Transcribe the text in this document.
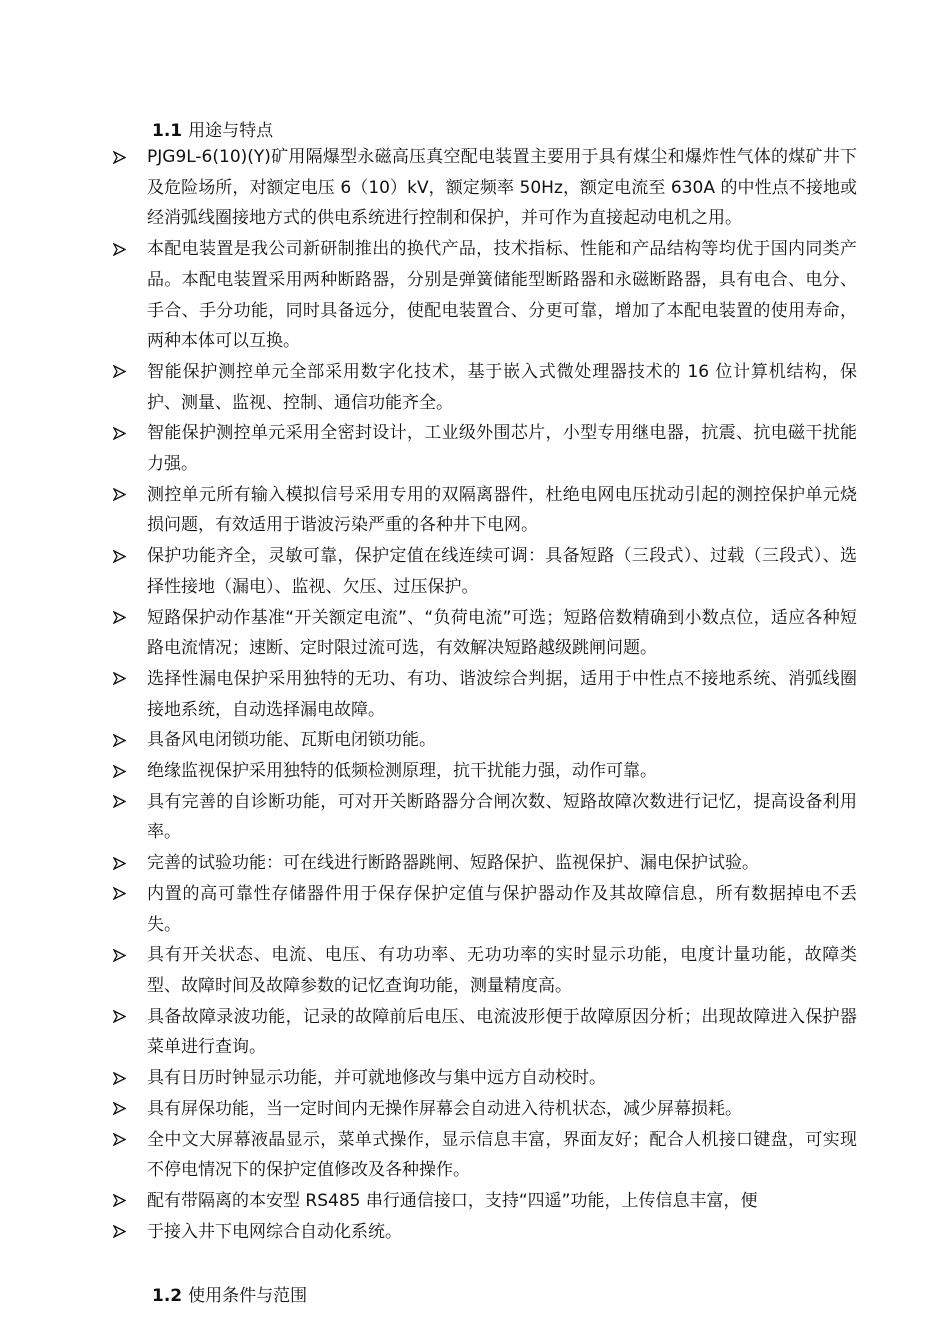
1.1 用途与特点
PJG9L-6(10)(Y)矿用隔爆型永磁高压真空配电装置主要用于具有煤尘和爆炸性气体的煤矿井下及危险场所，对额定电压 6（10）kV，额定频率 50Hz，额定电流至 630A 的中性点不接地或经消弧线圈接地方式的供电系统进行控制和保护，并可作为直接起动电机之用。
本配电装置是我公司新研制推出的换代产品，技术指标、性能和产品结构等均优于国内同类产品。本配电装置采用两种断路器，分别是弹簧储能型断路器和永磁断路器，具有电合、电分、手合、手分功能，同时具备远分，使配电装置合、分更可靠，增加了本配电装置的使用寿命，两种本体可以互换。
智能保护测控单元全部采用数字化技术，基于嵌入式微处理器技术的 16 位计算机结构，保护、测量、监视、控制、通信功能齐全。
智能保护测控单元采用全密封设计，工业级外围芯片，小型专用继电器，抗震、抗电磁干扰能力强。
测控单元所有输入模拟信号采用专用的双隔离器件，杜绝电网电压扰动引起的测控保护单元烧损问题，有效适用于谐波污染严重的各种井下电网。
保护功能齐全，灵敏可靠，保护定值在线连续可调：具备短路（三段式）、过载（三段式）、选择性接地（漏电）、监视、欠压、过压保护。
短路保护动作基准“开关额定电流”、“负荷电流”可选；短路倍数精确到小数点位，适应各种短路电流情况；速断、定时限过流可选，有效解决短路越级跳闸问题。
选择性漏电保护采用独特的无功、有功、谐波综合判据，适用于中性点不接地系统、消弧线圈接地系统，自动选择漏电故障。
具备风电闭锁功能、瓦斯电闭锁功能。
绝缘监视保护采用独特的低频检测原理，抗干扰能力强，动作可靠。
具有完善的自诊断功能，可对开关断路器分合闸次数、短路故障次数进行记忆，提高设备利用率。
完善的试验功能：可在线进行断路器跳闸、短路保护、监视保护、漏电保护试验。
内置的高可靠性存储器件用于保存保护定值与保护器动作及其故障信息，所有数据掉电不丢失。
具有开关状态、电流、电压、有功功率、无功功率的实时显示功能，电度计量功能，故障类型、故障时间及故障参数的记忆查询功能，测量精度高。
具备故障录波功能，记录的故障前后电压、电流波形便于故障原因分析；出现故障进入保护器菜单进行查询。
具有日历时钟显示功能，并可就地修改与集中远方自动校时。
具有屏保功能，当一定时间内无操作屏幕会自动进入待机状态，减少屏幕损耗。
全中文大屏幕液晶显示，菜单式操作，显示信息丰富，界面友好；配合人机接口键盘，可实现不停电情况下的保护定值修改及各种操作。
配有带隔离的本安型 RS485 串行通信接口，支持“四遥”功能，上传信息丰富，便
于接入井下电网综合自动化系统。
1.2 使用条件与范围
